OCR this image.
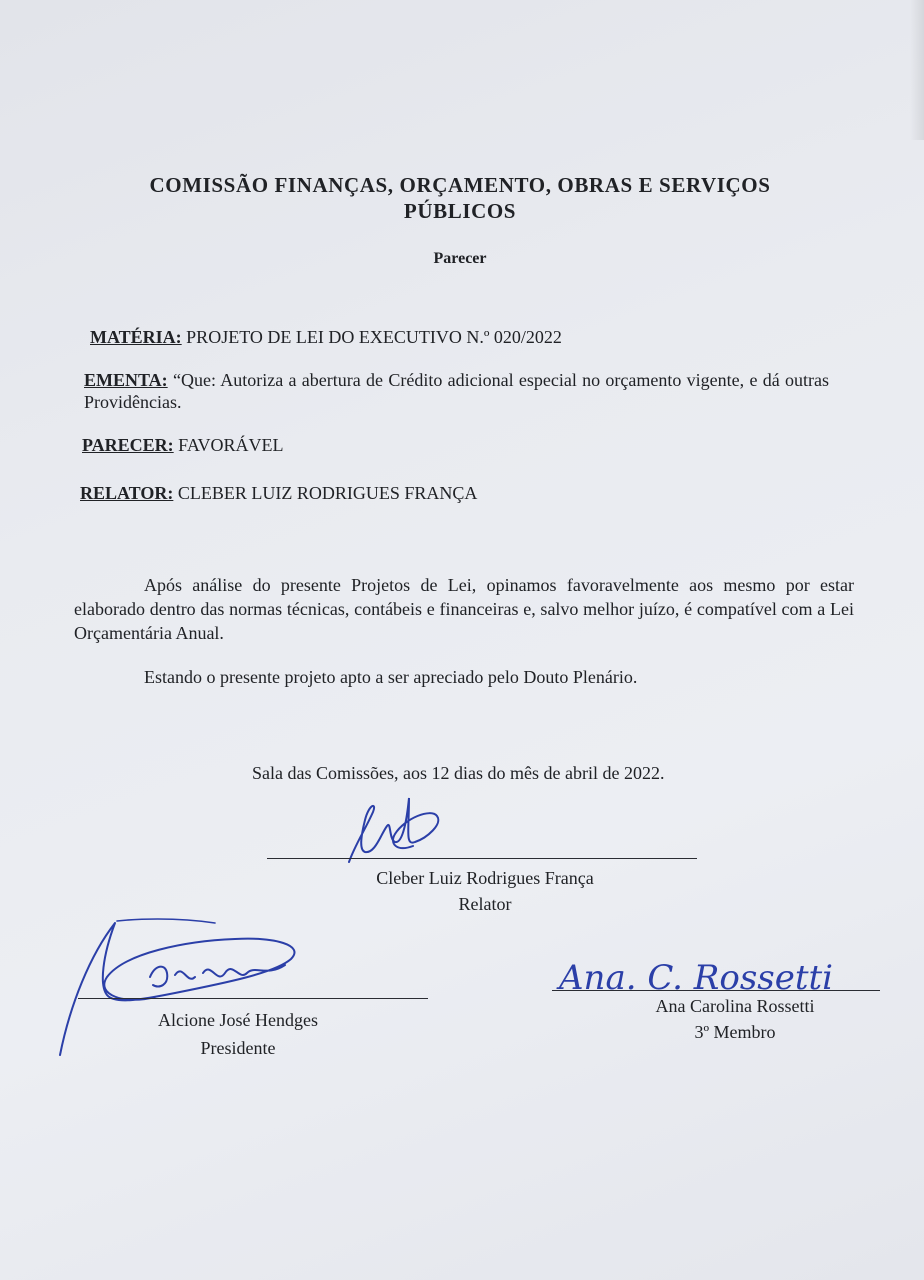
COMISSÃO FINANÇAS, ORÇAMENTO, OBRAS E SERVIÇOS
PÚBLICOS
Parecer
MATÉRIA: PROJETO DE LEI DO EXECUTIVO N.º 020/2022
EMENTA: “Que: Autoriza a abertura de Crédito adicional especial no orçamento vigente, e dá outras Providências.
PARECER: FAVORÁVEL
RELATOR: CLEBER LUIZ RODRIGUES FRANÇA
Após análise do presente Projetos de Lei, opinamos favoravelmente aos mesmo por estar elaborado dentro das normas técnicas, contábeis e financeiras e, salvo melhor juízo, é compatível com a Lei Orçamentária Anual.
Estando o presente projeto apto a ser apreciado pelo Douto Plenário.
Sala das Comissões, aos 12 dias do mês de abril de 2022.
Cleber Luiz Rodrigues França
Relator
Alcione José Hendges
Presidente
Ana. C. Rossetti
Ana Carolina Rossetti
3º Membro
